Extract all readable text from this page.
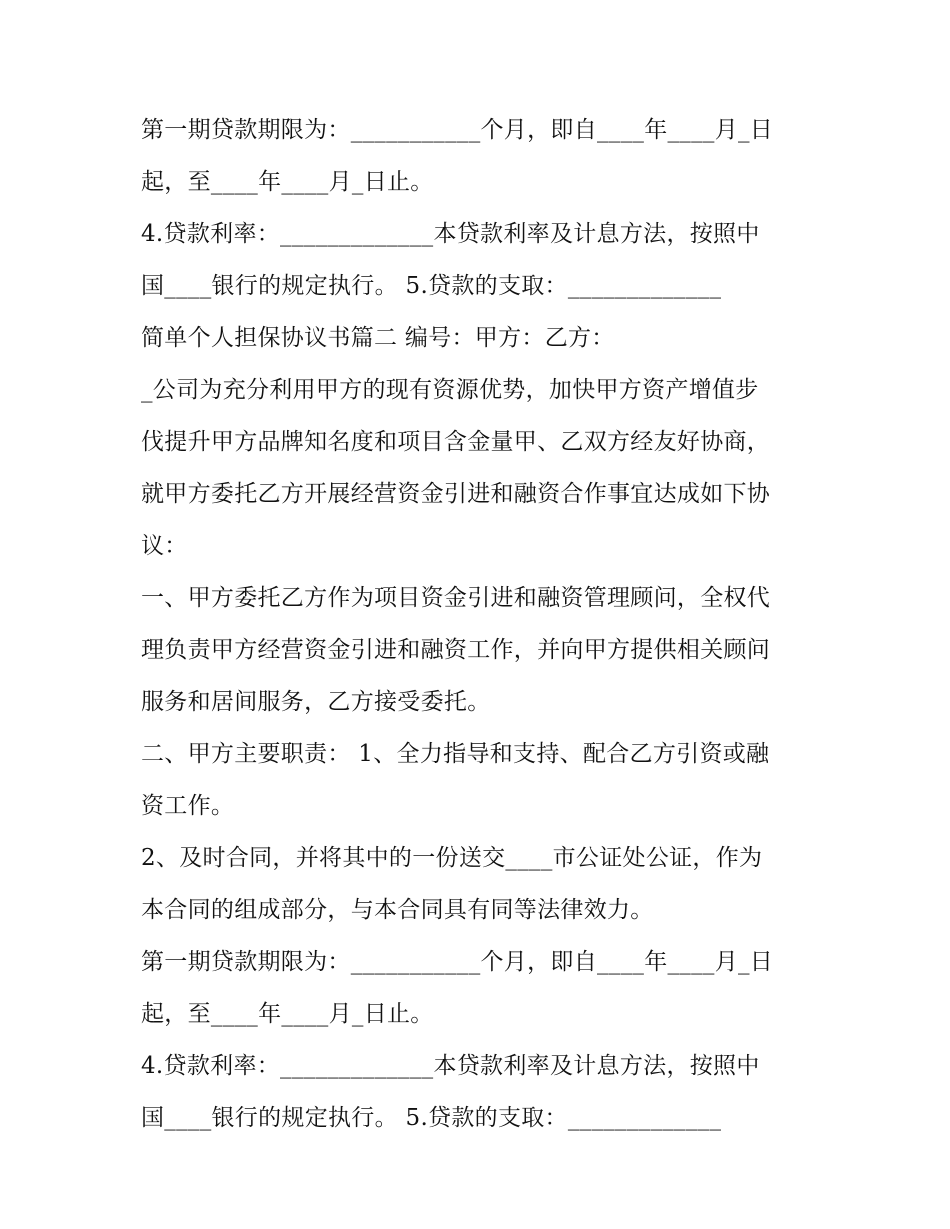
第一期贷款期限为：___________个月，即自____年____月_日
起，至____年____月_日止。
4.贷款利率：_____________本贷款利率及计息方法，按照中
国____银行的规定执行。 5.贷款的支取：_____________
简单个人担保协议书篇二 编号：甲方：乙方：
_公司为充分利用甲方的现有资源优势，加快甲方资产增值步
伐提升甲方品牌知名度和项目含金量甲、乙双方经友好协商，
就甲方委托乙方开展经营资金引进和融资合作事宜达成如下协
议：
一、甲方委托乙方作为项目资金引进和融资管理顾问，全权代
理负责甲方经营资金引进和融资工作，并向甲方提供相关顾问
服务和居间服务，乙方接受委托。
二、甲方主要职责： 1、全力指导和支持、配合乙方引资或融
资工作。
2、及时合同，并将其中的一份送交____市公证处公证，作为
本合同的组成部分，与本合同具有同等法律效力。
第一期贷款期限为：___________个月，即自____年____月_日
起，至____年____月_日止。
4.贷款利率：_____________本贷款利率及计息方法，按照中
国____银行的规定执行。 5.贷款的支取：_____________
